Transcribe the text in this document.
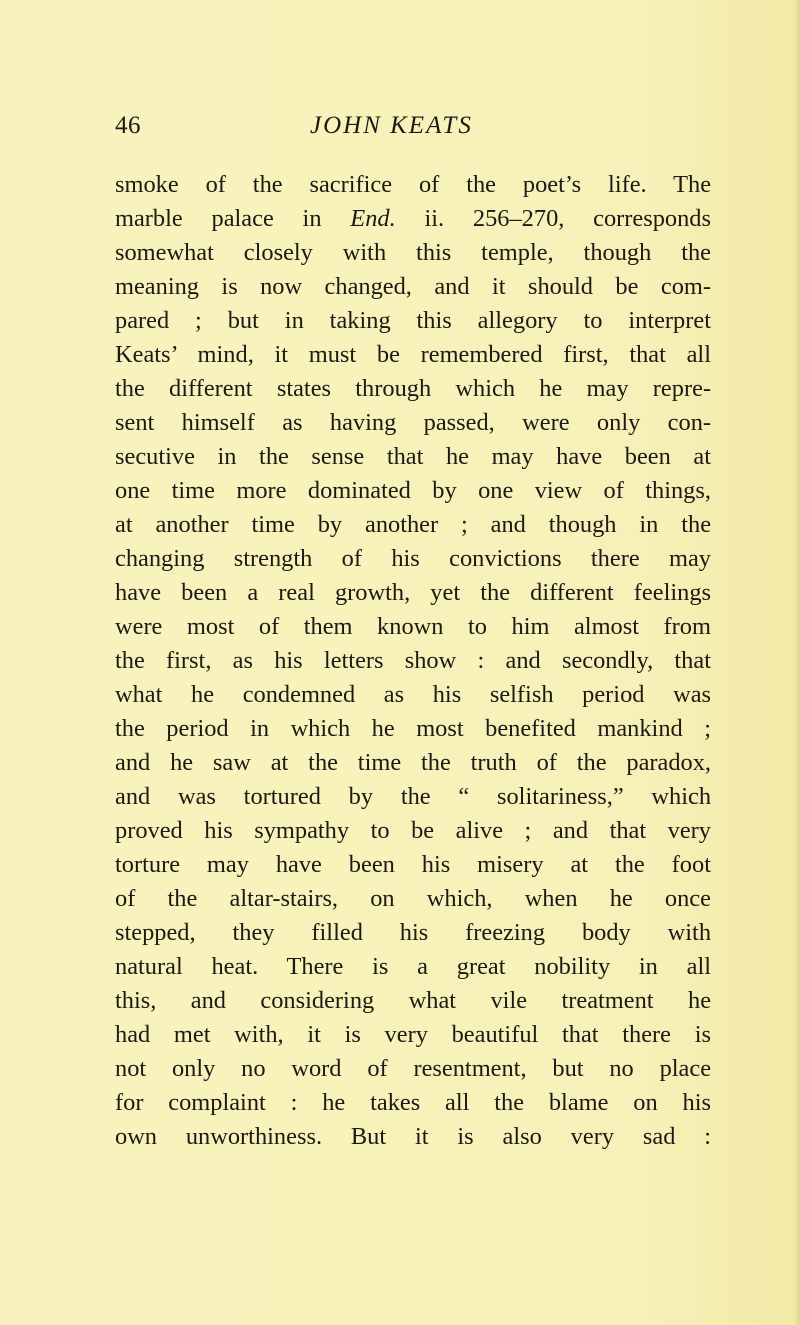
46	JOHN KEATS
smoke of the sacrifice of the poet’s life. The
marble palace in End. ii. 256–270, corresponds
somewhat closely with this temple, though the
meaning is now changed, and it should be com-
pared ; but in taking this allegory to interpret
Keats’ mind, it must be remembered first, that all
the different states through which he may repre-
sent himself as having passed, were only con-
secutive in the sense that he may have been at
one time more dominated by one view of things,
at another time by another ; and though in the
changing strength of his convictions there may
have been a real growth, yet the different feelings
were most of them known to him almost from
the first, as his letters show : and secondly, that
what he condemned as his selfish period was
the period in which he most benefited mankind ;
and he saw at the time the truth of the paradox,
and was tortured by the “ solitariness,” which
proved his sympathy to be alive ; and that very
torture may have been his misery at the foot
of the altar-stairs, on which, when he once
stepped, they filled his freezing body with
natural heat. There is a great nobility in all
this, and considering what vile treatment he
had met with, it is very beautiful that there is
not only no word of resentment, but no place
for complaint : he takes all the blame on his
own unworthiness. But it is also very sad :
